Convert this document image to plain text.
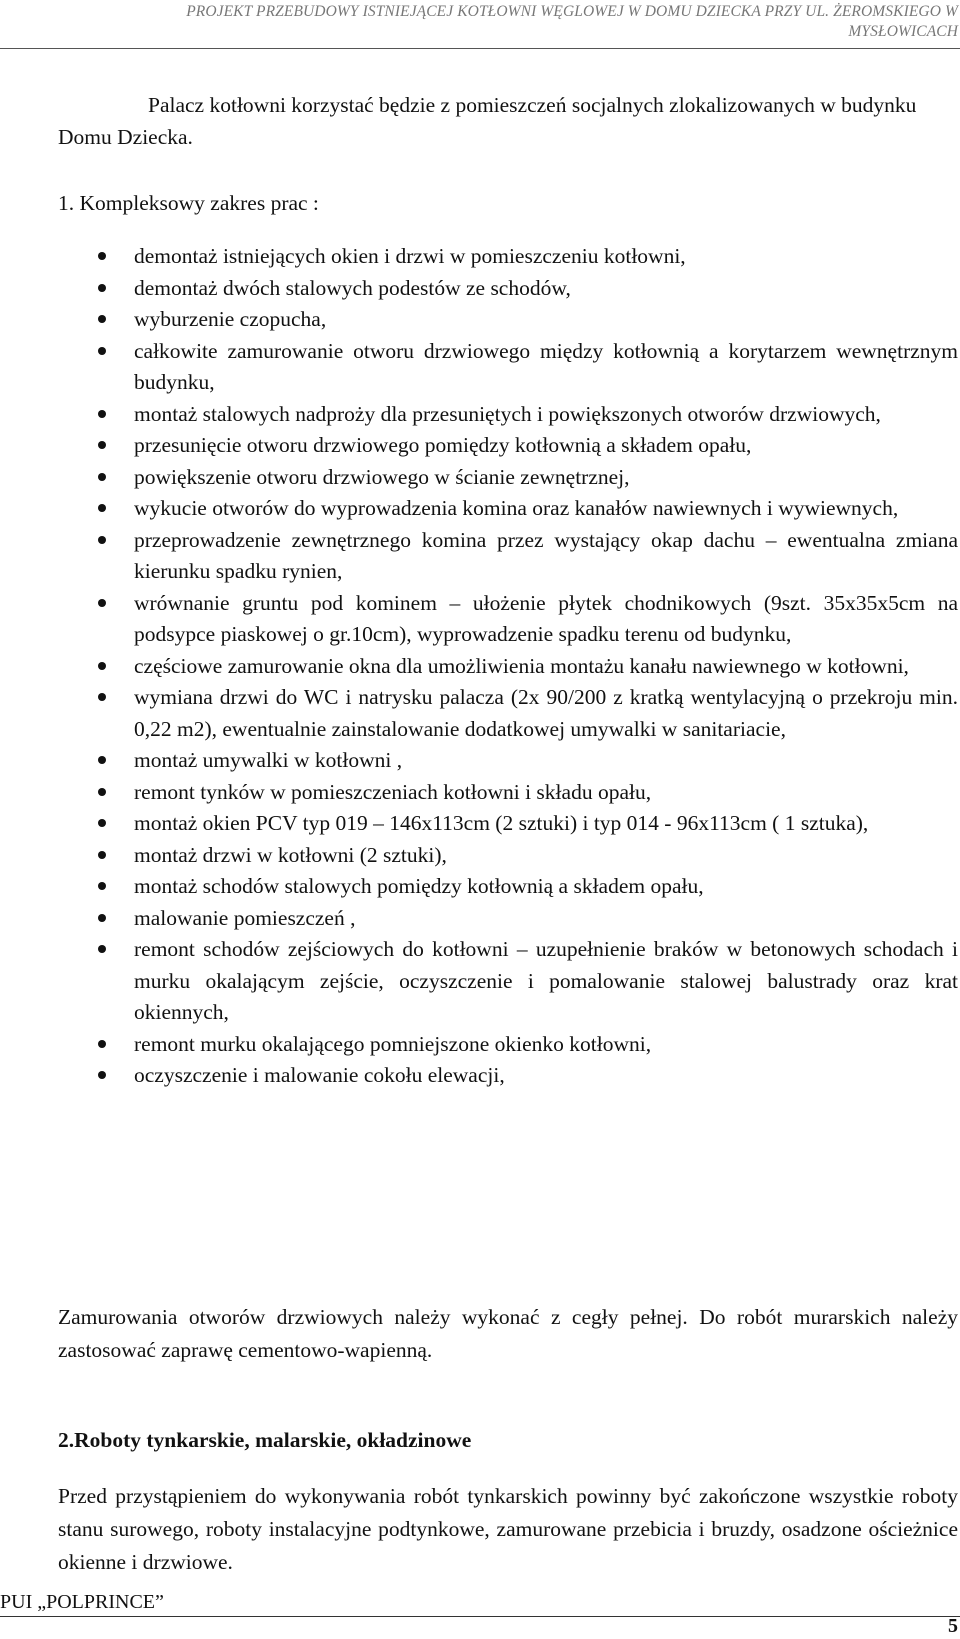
PROJEKT PRZEBUDOWY ISTNIEJĄCEJ KOTŁOWNI WĘGLOWEJ W DOMU DZIECKA PRZY UL. ŻEROMSKIEGO W MYSŁOWICACH

Palacz kotłowni korzystać będzie z pomieszczeń socjalnych zlokalizowanych w budynku Domu Dziecka.

1. Kompleksowy zakres prac :
demontaż istniejących okien i drzwi w pomieszczeniu kotłowni,
demontaż dwóch stalowych podestów ze schodów,
wyburzenie czopucha,
całkowite zamurowanie otworu drzwiowego między kotłownią a korytarzem wewnętrznym budynku,
montaż stalowych nadproży dla przesuniętych i powiększonych otworów drzwiowych,
przesunięcie otworu drzwiowego pomiędzy kotłownią a składem opału,
powiększenie otworu drzwiowego w ścianie zewnętrznej,
wykucie otworów do wyprowadzenia komina oraz kanałów nawiewnych i wywiewnych,
przeprowadzenie zewnętrznego komina przez wystający okap dachu – ewentualna zmiana kierunku spadku rynien,
wrównanie gruntu pod kominem – ułożenie płytek chodnikowych (9szt. 35x35x5cm na podsypce piaskowej o gr.10cm), wyprowadzenie spadku terenu od budynku,
częściowe zamurowanie okna dla umożliwienia montażu kanału nawiewnego w kotłowni,
wymiana drzwi do WC i natrysku palacza (2x 90/200 z kratką wentylacyjną o przekroju min. 0,22 m2), ewentualnie zainstalowanie dodatkowej umywalki w sanitariacie,
montaż umywalki w kotłowni ,
remont tynków w pomieszczeniach kotłowni i składu opału,
montaż okien PCV typ 019 – 146x113cm (2 sztuki) i typ 014 - 96x113cm ( 1 sztuka),
montaż drzwi w kotłowni (2 sztuki),
montaż schodów stalowych pomiędzy kotłownią a składem opału,
malowanie pomieszczeń ,
remont schodów zejściowych do kotłowni – uzupełnienie braków w betonowych schodach i murku okalającym zejście, oczyszczenie i pomalowanie stalowej balustrady oraz krat okiennych,
remont murku okalającego pomniejszone okienko kotłowni,
oczyszczenie i malowanie cokołu elewacji,

Zamurowania otworów drzwiowych należy wykonać z cegły pełnej. Do robót murarskich należy zastosować zaprawę cementowo-wapienną.

2.Roboty tynkarskie, malarskie, okładzinowe

Przed przystąpieniem do wykonywania robót tynkarskich powinny być zakończone wszystkie roboty stanu surowego, roboty instalacyjne podtynkowe, zamurowane przebicia i bruzdy, osadzone ościeżnice okienne i drzwiowe.

PUI „POLPRINCE”
5
